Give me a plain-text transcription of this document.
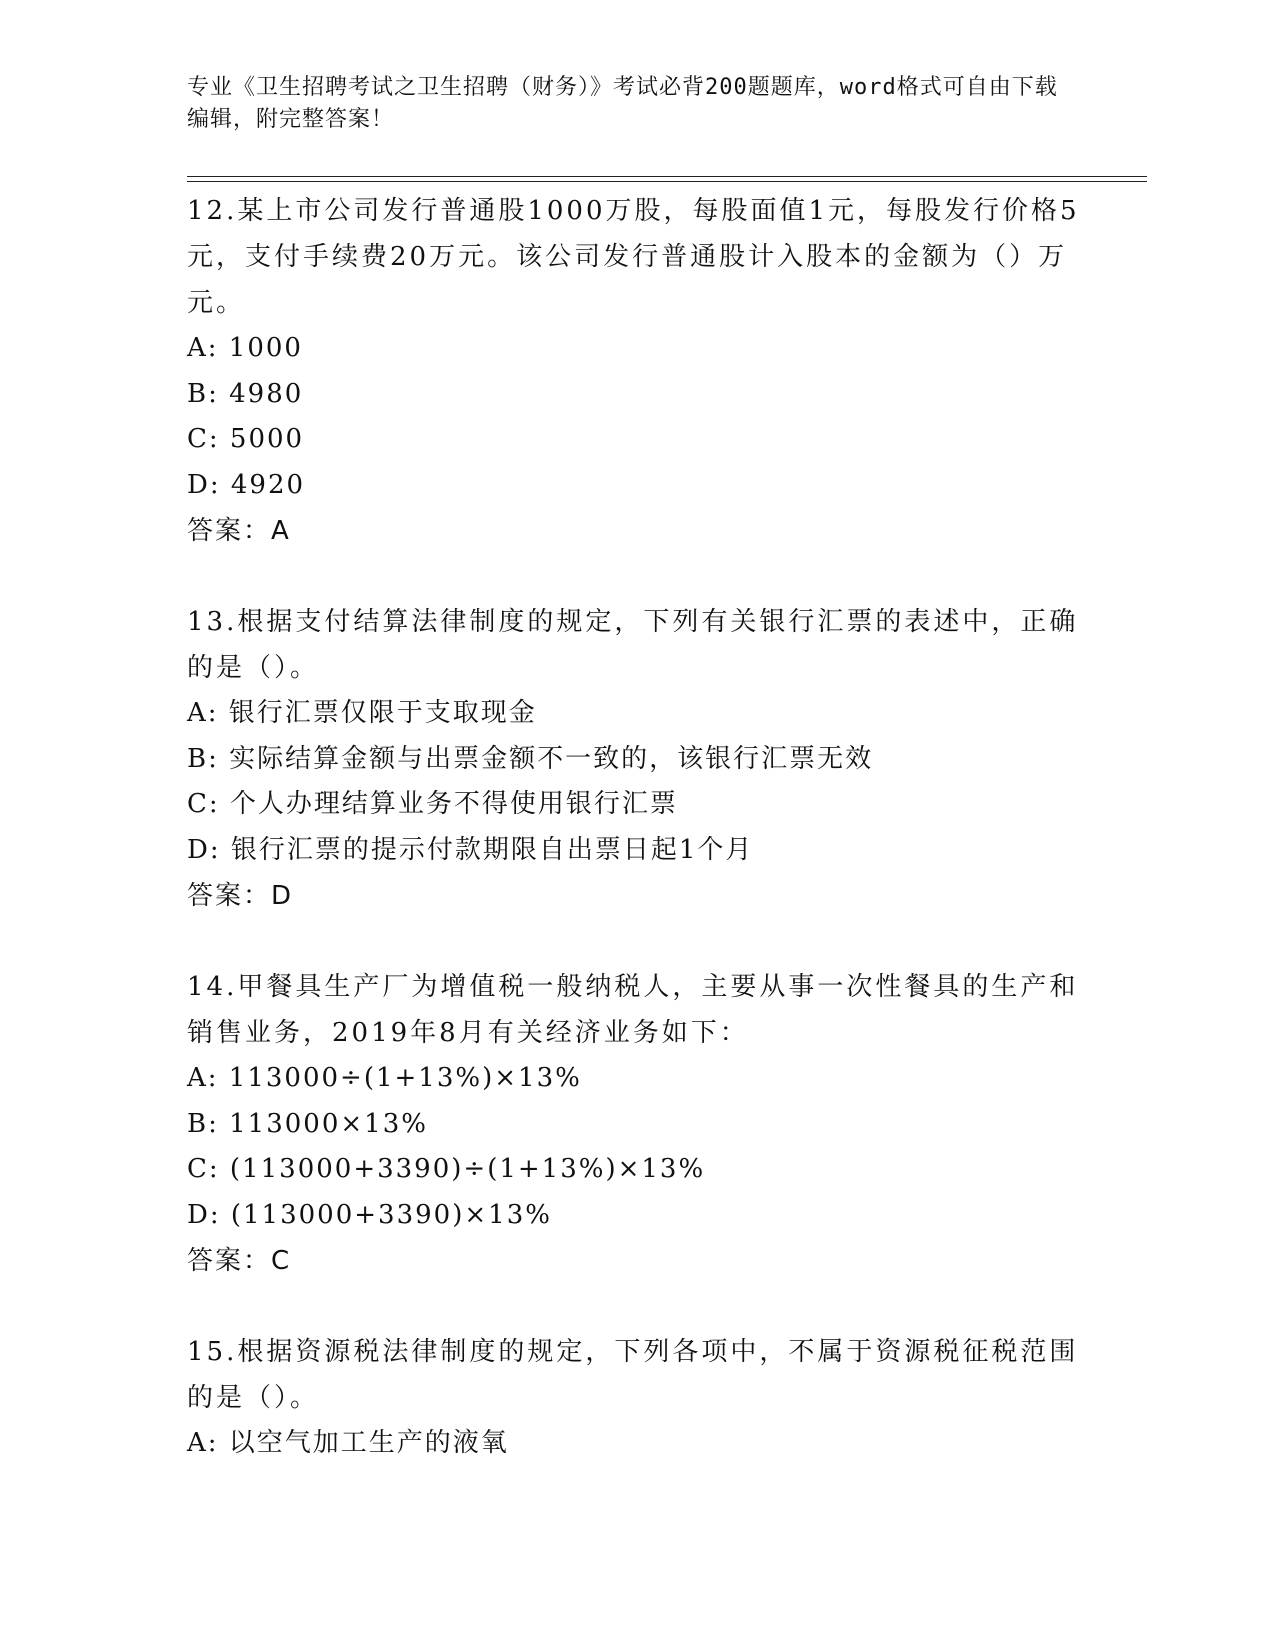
专业《卫生招聘考试之卫生招聘（财务）》考试必背200题题库，word格式可自由下载编辑，附完整答案！

12.某上市公司发行普通股1000万股，每股面值1元，每股发行价格5元，支付手续费20万元。该公司发行普通股计入股本的金额为（）万元。

A: 1000

B: 4980

C: 5000

D: 4920

答案：A

13.根据支付结算法律制度的规定，下列有关银行汇票的表述中，正确的是（）。

A: 银行汇票仅限于支取现金

B: 实际结算金额与出票金额不一致的，该银行汇票无效

C: 个人办理结算业务不得使用银行汇票

D: 银行汇票的提示付款期限自出票日起1个月

答案：D

14.甲餐具生产厂为增值税一般纳税人，主要从事一次性餐具的生产和销售业务，2019年8月有关经济业务如下：

A: 113000÷(1+13%)×13%

B: 113000×13%

C: (113000+3390)÷(1+13%)×13%

D: (113000+3390)×13%

答案：C

15.根据资源税法律制度的规定，下列各项中，不属于资源税征税范围的是（）。

A: 以空气加工生产的液氧
